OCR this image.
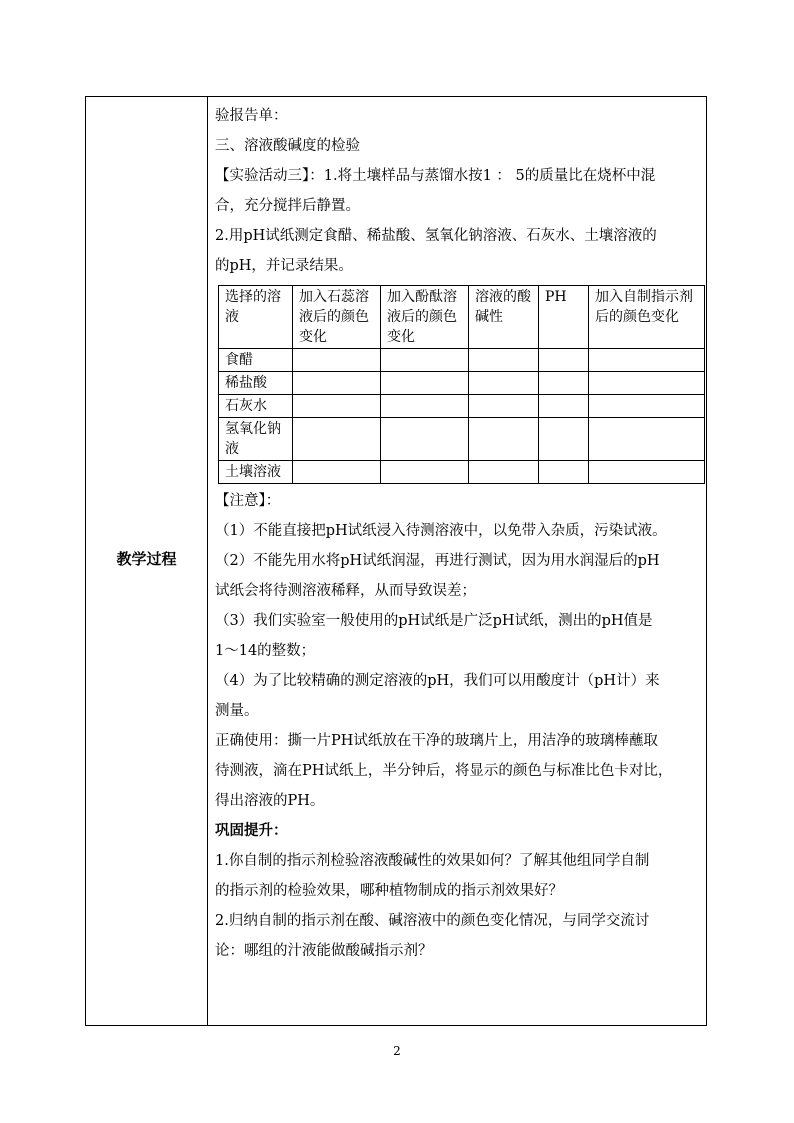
教学过程

验报告单：

三、溶液酸碱度的检验

【实验活动三】：1.将土壤样品与蒸馏水按1 ： 5的质量比在烧杯中混

合，充分搅拌后静置。

2.用pH试纸测定食醋、稀盐酸、氢氧化钠溶液、石灰水、土壤溶液的

的pH，并记录结果。

选择的溶液	加入石蕊溶液后的颜色变化	加入酚酞溶液后的颜色变化	溶液的酸碱性	PH	加入自制指示剂后的颜色变化
食醋					
稀盐酸					
石灰水					
氢氧化钠液					
土壤溶液					

【注意】：

（1）不能直接把pH试纸浸入待测溶液中，以免带入杂质，污染试液。

（2）不能先用水将pH试纸润湿，再进行测试，因为用水润湿后的pH

试纸会将待测溶液稀释，从而导致误差；

（3）我们实验室一般使用的pH试纸是广泛pH试纸，测出的pH值是

1～14的整数；

（4）为了比较精确的测定溶液的pH，我们可以用酸度计（pH计）来

测量。

正确使用：撕一片PH试纸放在干净的玻璃片上，用洁净的玻璃棒蘸取

待测液，滴在PH试纸上，半分钟后，将显示的颜色与标准比色卡对比，

得出溶液的PH。

巩固提升：

1.你自制的指示剂检验溶液酸碱性的效果如何？了解其他组同学自制

的指示剂的检验效果，哪种植物制成的指示剂效果好？

2.归纳自制的指示剂在酸、碱溶液中的颜色变化情况，与同学交流讨

论：哪组的汁液能做酸碱指示剂？

2
